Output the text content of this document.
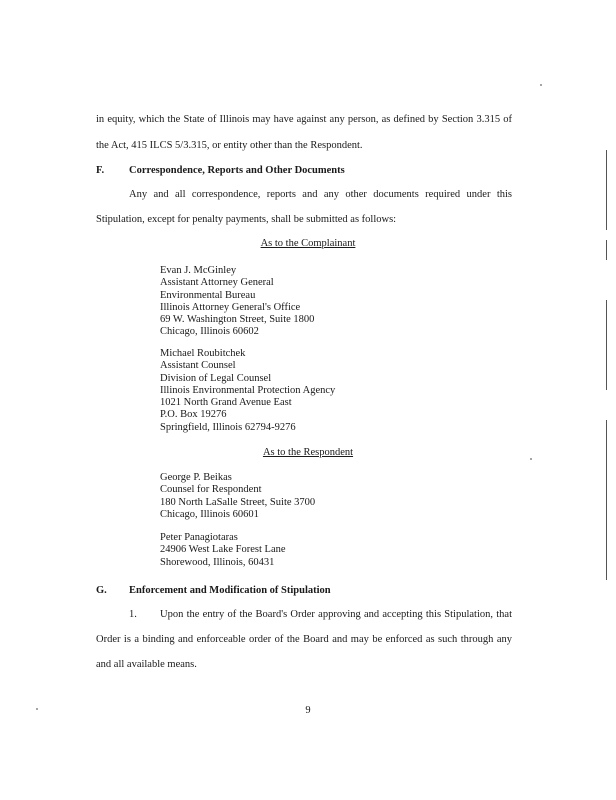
in equity, which the State of Illinois may have against any person, as defined by Section 3.315 of
the Act, 415 ILCS 5/3.315, or entity other than the Respondent.
F. Correspondence, Reports and Other Documents
Any and all correspondence, reports and any other documents required under this
Stipulation, except for penalty payments, shall be submitted as follows:
As to the Complainant
Evan J. McGinley
Assistant Attorney General
Environmental Bureau
Illinois Attorney General's Office
69 W. Washington Street, Suite 1800
Chicago, Illinois 60602
Michael Roubitchek
Assistant Counsel
Division of Legal Counsel
Illinois Environmental Protection Agency
1021 North Grand Avenue East
P.O. Box 19276
Springfield, Illinois 62794-9276
As to the Respondent
George P. Beikas
Counsel for Respondent
180 North LaSalle Street, Suite 3700
Chicago, Illinois 60601
Peter Panagiotaras
24906 West Lake Forest Lane
Shorewood, Illinois, 60431
G. Enforcement and Modification of Stipulation
1. Upon the entry of the Board's Order approving and accepting this Stipulation, that
Order is a binding and enforceable order of the Board and may be enforced as such through any
and all available means.
9
